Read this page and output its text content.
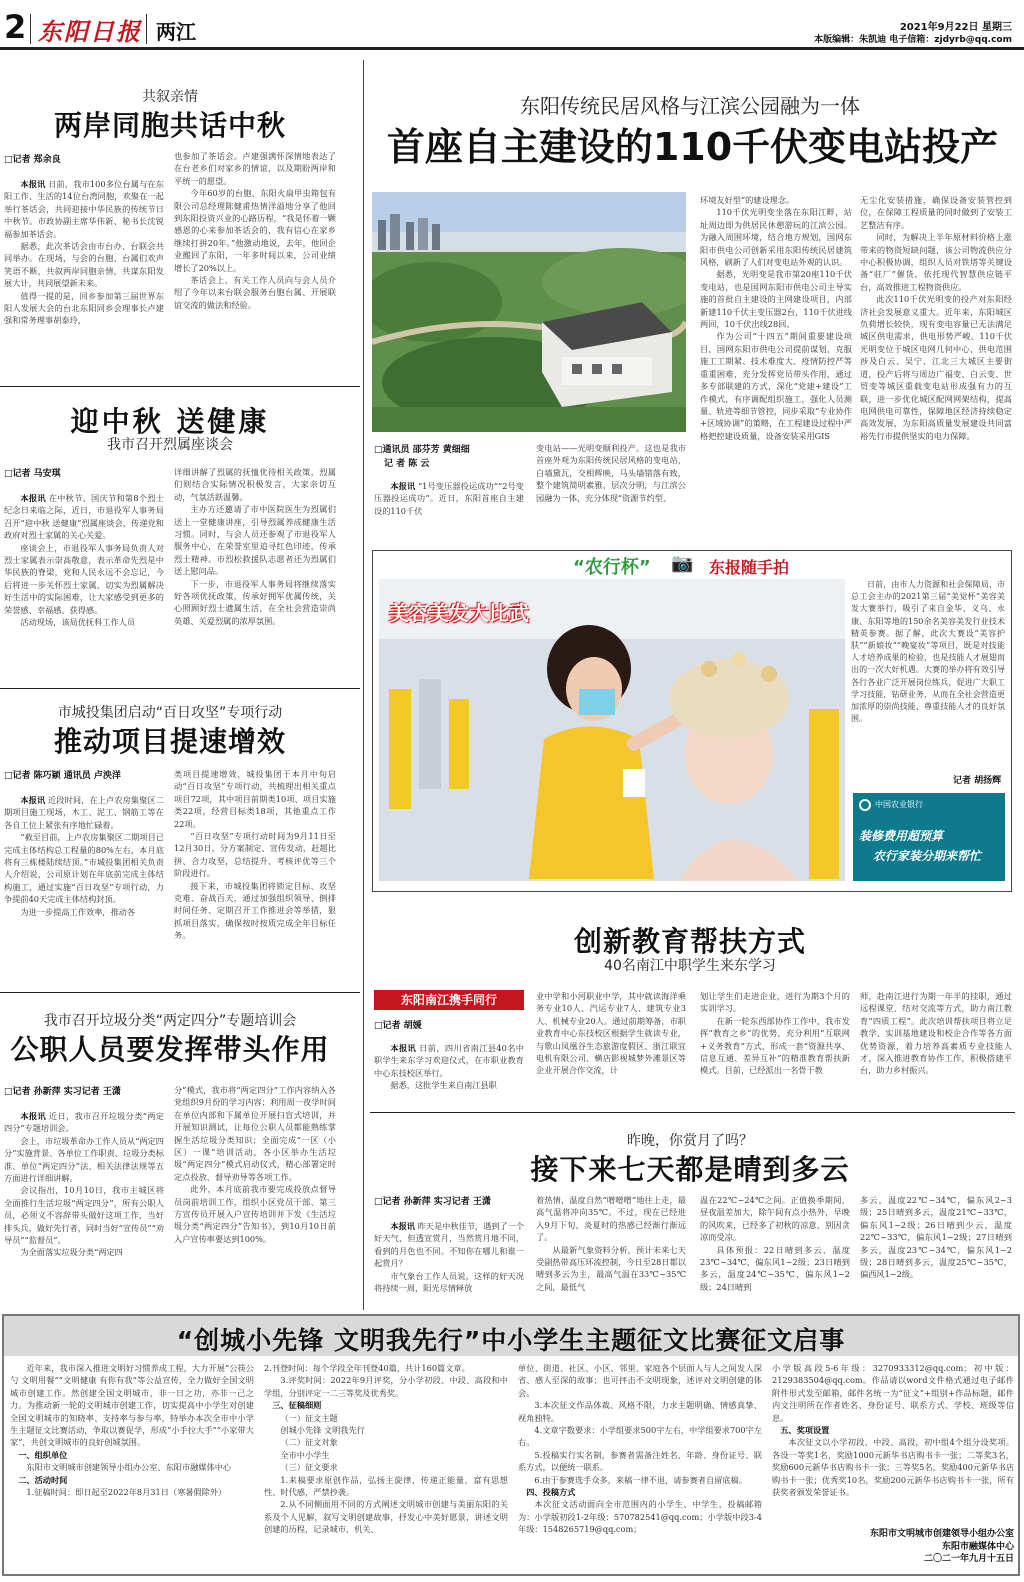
2 东阳日报 两江	2021年9月22日 星期三
本版编辑：朱凯迪 电子信箱：zjdyrb@qq.com
共叙亲情
两岸同胞共话中秋
□记者 郑余良

本报讯 日前，我市100多位台属与在东阳工作、生活的14位台湾同胞，欢聚在一起举行茶话会，共同迎接中华民族的传统节日中秋节。市政协副主席华伟新、秘书长沈锐福参加茶话会。

据悉，此次茶话会由市台办、台联会共同举办。在现场，与会的台胞、台属们欢声笑语不断，共叙两岸同胞亲情，共谋东阳发展大计，共同展望新未来。

值得一提的是，回乡参加第三届世界东阳人发展大会的台北东阳同乡会理事长卢建强和常务理事胡泰玲，

也参加了茶话会。卢建强满怀深情地表达了在台老乡们对家乡的情谊，以及期盼两岸和平统一的愿望。

今年60岁的台胞、东阳火扁甲虫箱包有限公司总经理陈健甫热情洋溢地分享了他回到东阳投资兴业的心路历程，“我是怀着一颗感恩的心来参加茶话会的，我有信心在家乡继续打拼20年。”他激动地说，去年，他回企业搬回了东阳，一年多时间以来，公司业绩增长了20%以上。

茶话会上，有关工作人员向与会人员介绍了今年以来台联会服务台胞台属、开展联谊交流的做法和经验。

迎中秋 送健康
我市召开烈属座谈会
□记者 马安琪

本报讯 在中秋节、国庆节和第8个烈士纪念日来临之际，近日，市退役军人事务局召开“迎中秋 送健康”烈属座谈会，传递党和政府对烈士家属的关心关爱。

座谈会上，市退役军人事务局负责人对烈士家属表示崇高敬意，表示革命先烈是中华民族的脊梁，党和人民永远不会忘记，今后将进一步关怀烈士家属，切实为烈属解决好生活中的实际困难，让大家感受到更多的荣誉感、幸福感、获得感。

活动现场，该局优抚科工作人员

详细讲解了烈属的抚恤优待相关政策，烈属们则结合实际情况积极发言，大家亲切互动，气氛活跃温馨。

主办方还邀请了市中医院医生为烈属们送上一堂健康讲座，引导烈属养成健康生活习惯。同时，与会人员还参观了市退役军人服务中心，在荣誉室里追寻红色印迹，传承烈士精神。市烈松救援队志愿者还为烈属们送上慰问品。

下一步，市退役军人事务局将继续落实好各项优抚政策，传承好拥军优属传统，关心照顾好烈士遗属生活，在全社会营造崇尚英雄、关爱烈属的浓厚氛围。

市城投集团启动“百日攻坚”专项行动
推动项目提速增效
□记者 陈巧颖 通讯员 卢泱洋

本报讯 近段时间，在上卢农房集聚区二期项目施工现场，木工、泥工、钢筋工等在各自工位上紧张有序地忙碌着。

“截至目前，上卢农房集聚区二期项目已完成主体结构总工程量的80%左右，本月底将有三栋楼陆续结顶。”市城投集团相关负责人介绍说，公司原计划在年底前完成主体结构施工，通过实施“百日攻坚”专项行动，力争提前40天完成主体结构封顶。

为进一步提高工作效率，推动各

类项目提速增效，城投集团于本月中旬启动“百日攻坚”专项行动，共梳理出相关重点项目72项，其中项目前期类10项、项目实施类22项，经营目标类18项，其他重点工作22项。

“百日攻坚”专项行动时间为9月11日至12月30日，分方案制定、宣传发动，赶超比拼、合力攻坚，总结提升、考核评优等三个阶段进行。

接下来，市城投集团将锁定目标、攻坚克难、奋战百天，通过加强组织领导、倒排时间任务、定期召开工作推进会等举措，狠抓项目落实，确保按时按质完成全年目标任务。

我市召开垃圾分类“两定四分”专题培训会
公职人员要发挥带头作用
□记者 孙新萍 实习记者 王潇

本报讯 近日，我市召开垃圾分类“两定四分”专题培训会。

会上，市垃圾革命办工作人员从“两定四分”实施背景、各单位工作职责、垃圾分类标准、单位“两定四分”法、相关法律法规等五方面进行详细讲解。

会议指出，10月10日，我市主城区将全面推行生活垃圾“两定四分”，所有公职人员，必须义不容辞带头做好这项工作，当好排头兵，做好先行者，同时当好“宣传员”“劝导员”“监督员”。

为全面落实垃圾分类“两定四

分”模式，我市将“两定四分”工作内容纳入各党组织9月份的学习内容；利用周一夜学时间在单位内部和下属单位开展扫盲式培训，并开展知识测试，让每位公职人员都能熟练掌握生活垃圾分类知识；全面完成“一区（小区）一课”培训活动，各小区举办生活垃圾“两定四分”模式启动仪式，精心部署定时定点投放、督导劝导等各项工作。

此外，本月底前我市要完成投放点督导员岗前培训工作，组织小区党员干部、第三方宣传员开展入户宣传培训并下发《生活垃圾分类“两定四分”告知书》，到10月10日前入户宣传率要达到100%。

东阳传统民居风格与江滨公园融为一体
首座自主建设的110千伏变电站投产
□通讯员 邵芬芳 黄细细
记 者 陈 云

本报讯 “1号变压器投运成功”“2号变压器投运成功”。近日，东阳首座自主建设的110千伏

变电站——光明变顺利投产。这也是我市首座外观为东阳传统民居风格的变电站，白墙黛瓦，交相辉映，马头墙错落有致，整个建筑简明素雅，层次分明，与江滨公园融为一体，充分体现“资源节约型、

环境友好型”的建设理念。

110千伏光明变坐落在东阳江畔，站址周边即为供居民休憩游玩的江滨公园。为融入周围环境，结合地方规划，国网东阳市供电公司创新采用东阳传统民居建筑风格，刷新了人们对变电站外观的认识。

据悉，光明变是我市第20座110千伏变电站，也是国网东阳市供电公司主导实施的首批自主建设的主网建设项目，内部新建110千伏主变压器2台，110千伏进线两回，10千伏出线28回。

作为公司“十四五”期间重要建设项目，国网东阳市供电公司提前谋划，克服施工工期紧、技术难度大、疫情防控严等重重困难，充分发挥党员带头作用，通过多专部联建的方式，深化“党建+建设”工作模式，有序调配组织施工，强化人员测量、轨迹等细节管控，同步采取“专业协作+区域协调”的策略，在工程建设过程中严格把控建设质量，设备安装采用GIS

无尘化安装措施，确保设备安装管控到位，在保障工程质量的同时做到了安装工艺整洁有序。

同时，为解决上半年原材料价格上涨带来的物资短缺问题，该公司物流供应分中心积极协调，组织人员对铁塔等关键设备“驻厂”催货，依托现代智慧供应链平台，高效推进工程物资供应。

此次110千伏光明变的投产对东阳经济社会发展意义重大。近年来，东阳城区负荷增长较快，现有变电容量已无法满足城区供电需求，供电形势严峻。110千伏光明变位于城区电网几何中心，供电范围涉及白云、吴宁、江北三大城区主要街道，投产后将与周边广福变、白云变、世贸变等城区重载变电站形成强有力的互联，进一步优化城区配网网架结构，提高电网供电可靠性，保障地区经济持续稳定高效发展，为东阳高质量发展建设共同富裕先行市提供坚实的电力保障。

“农行杯” 📷 东报随手拍
美容美发大比武

日前，由市人力资源和社会保障局、市总工会主办的2021第三届“美觉杯”美容美发大赛举行，吸引了来自金华、义乌、永康、东阳等地的150余名美容美发行业技术精英参赛。据了解，此次大赛设“美容护肤”“新娘妆”“晚宴妆”等项目，既是对技能人才培养成果的检验，也是技能人才展翅而出的一次大好机遇。大赛的举办将有效引导各行各业广泛开展岗位练兵，促进广大职工学习技能，钻研业务，从而在全社会营造更加浓厚的崇尚技能、尊重技能人才的良好氛围。

记者 胡扬辉
中国农业银行
装修费用超预算
农行家装分期来帮忙
创新教育帮扶方式
40名南江中职学生来东学习
东阳南江携手同行
□记者 胡媛

本报讯 日前，四川省南江县40名中职学生来东学习欢迎仪式，在市职业教育中心东技校区举行。

据悉，这批学生来自南江县职

业中学和小河职业中学，其中就读海洋乘务专业10人、汽运专业7人、建筑专业3人、机械专业20人。通过前期筹备，市职业教育中心东技校区根据学生就读专业，与歌山凤凰谷生态旅游度假区、浙江联宜电机有限公司、横店影视城梦外滩景区等企业开展合作交流，计

划让学生们走进企业，进行为期3个月的实训学习。

在新一轮东西部协作工作中，我市发挥“教育之乡”的优势，充分利用“互联网+义务教育”方式，形成一套“资源共享、信息互通、差异互补”的精准教育帮扶新模式。目前，已经派出一名骨干教

师，赴南江进行为期一年半的挂职，通过远程课堂、结对交流等方式，助力南江教育“四质工程”。此次培训帮扶项目将立足教学、实训基地建设和校企合作等各方面优势资源，着力培养高素质专业技能人才，深入推进教育协作工作，积极搭建平台，助力乡村振兴。

昨晚，你赏月了吗？
接下来七天都是晴到多云
□记者 孙新萍 实习记者 王潇

本报讯 昨天是中秋佳节，遇到了一个好天气，但透宣赏月，当然赏月地不同，看到的月色也不同。不知你在哪儿和谁一起赏月？

市气象台工作人员说，这样的好天况将持续一周，阳光尽情释放

着热情，温度自然“噌噌噌”地往上走，最高气温将冲向35℃。不过，现在已经进入9月下旬，炎夏时的热感已经渐行渐远了。

从最新气象资料分析，预计未来七天受副热带高压环流控制，今日至28日都以晴到多云为主，最高气温在33℃~35℃之间，最低气

温在22℃~24℃之间。正值换季期间，昼夜温差加大，除午间有点小热外，早晚的风吹来，已经多了初秋的凉意，别因贪凉而受凉。

具体预报：22日晴到多云，温度23℃~34℃，偏东风1~2级；23日晴到多云，温度24℃~35℃，偏东风1~2级；24日晴到

多云，温度22℃~34℃，偏东风2~3级；25日晴到多云，温度21℃~33℃，偏东风1~2级；26日晴到少云，温度22℃~33℃，偏东风1~2级；27日晴到多云，温度23℃~34℃，偏东风1~2级；28日晴到多云，温度25℃~35℃，偏西风1~2级。

“创城小先锋 文明我先行”中小学生主题征文比赛征文启事

近年来，我市深入推进文明好习惯养成工程，大力开展“公筷公勺 文明用餐”“文明健康 有你有我”等公益宣传，全力做好全国文明城市创建工作。然创建全国文明城市，非一日之功，亦非一己之力。为推动新一轮的文明城市创建工作，切实提高中小学生对创建全国文明城市的知晓率、支持率与参与率，特举办本次全市中小学生主题征文比赛活动，争取以赛促学，形成“小手拉大手”“小家带大家”，共创文明城市的良好创城氛围。

一、组织单位

东阳市文明城市创建领导小组办公室、东阳市融媒体中心

二、活动时间

1.征稿时间：即日起至2022年8月31日（寒暑假除外）

2.刊登时间：每个学段全年刊登40篇，共计160篇文章。

3.评奖时间：2022年9月评奖，分小学初段、中段、高段和中学组，分别评定一二三等奖及优秀奖。

三、征稿细则

（一）征文主题

创城小先锋 文明我先行

（二）征文对象

全市中小学生

（三）征文要求

1.来稿要求原创作品，弘扬主旋律，传递正能量，富有思想性、时代感，严禁抄袭。

2.从不同侧面用不同的方式阐述文明城市创建与美丽东阳的关系及个人见解，叙写文明创建故事，抒发心中美好愿景，讲述文明创建的历程，记录城市、机关、

单位、街道、社区、小区、邻里、家庭各个层面人与人之间发人深省、感人至深的故事；也可抨击不文明现象，述评对文明创建的体会。

3.本次征文作品体裁、风格不限，力求主题明确、情感真挚、视角独特。

4.文章字数要求：小学组要求500字左右，中学组要求700字左右。

5.投稿实行实名制，参赛者需备注姓名、年龄、身份证号、联系方式，以便统一联系。

6.由于参赛选手众多，来稿一律不退，请参赛者自留底稿。

四、投稿方式

本次征文活动面向全市范围内的小学生、中学生，投稿邮箱为：小学版初段1-2年级：570782541@qq.com；小学版中段3-4年级：1548265719@qq.com；

小学版高段5-6年级：3270933312@qq.com；初中版：2129383504@qq.com。作品请以word文件格式通过电子邮件附件形式发至邮箱，邮件名统一为“征文”+组别+作品标题，邮件内文注明所在作者姓名、身份证号、联系方式、学校、班级等信息。

五、奖项设置

本次征文以小学初段、中段、高段，初中组4个组分设奖项。各设一等奖1名，奖励1000元新华书店购书卡一张；二等奖3名，奖励600元新华书店购书卡一张；三等奖5名，奖励400元新华书店购书卡一张；优秀奖10名，奖励200元新华书店购书卡一张，所有获奖者颁发荣誉证书。

东阳市文明城市创建领导小组办公室
东阳市融媒体中心
二〇二一年九月十五日
